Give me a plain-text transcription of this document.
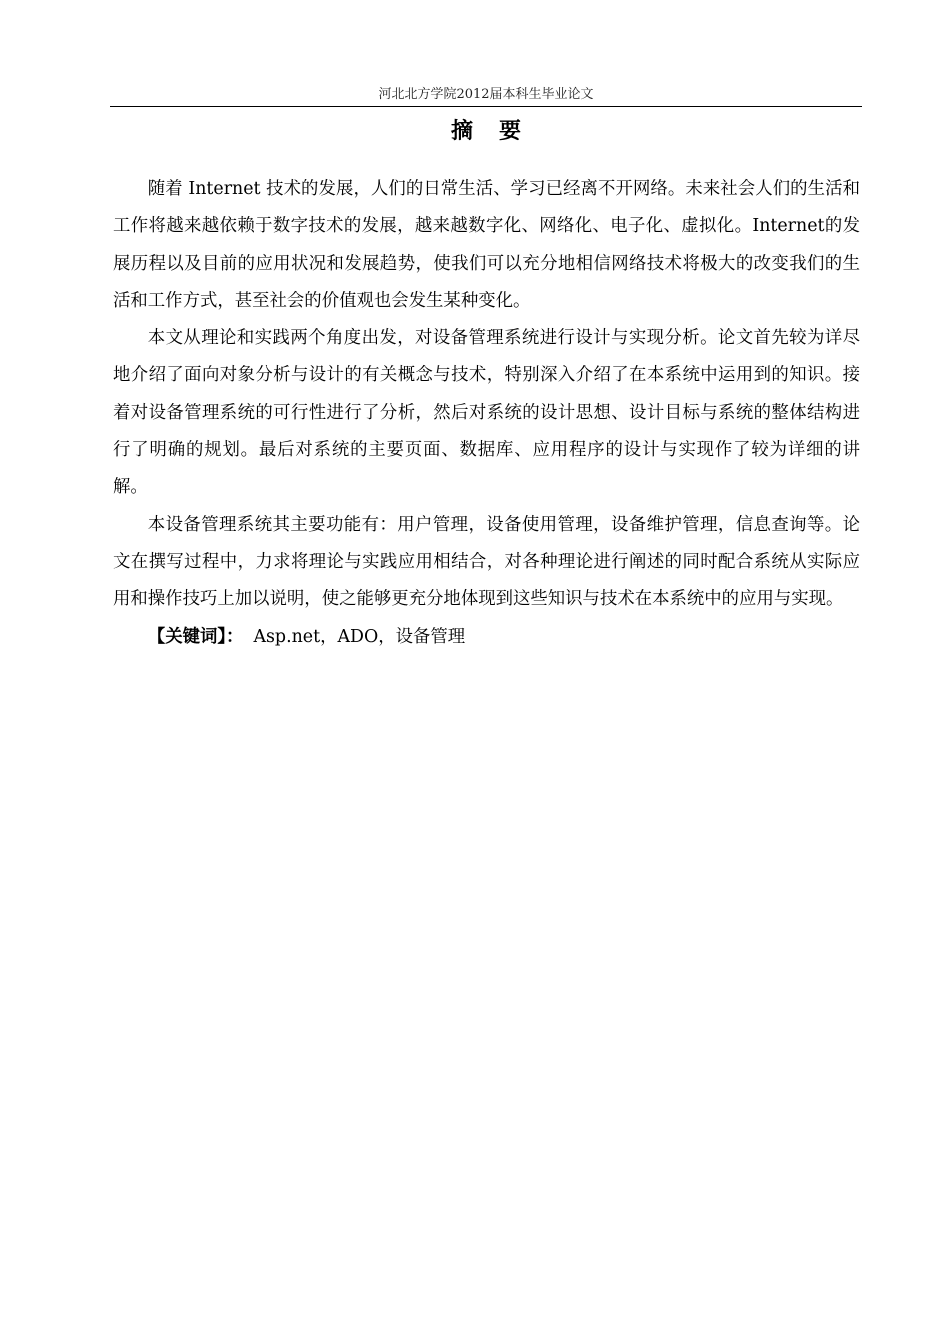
河北北方学院2012届本科生毕业论文
摘要

随着 Internet 技术的发展，人们的日常生活、学习已经离不开网络。未来社会人们的生活和工作将越来越依赖于数字技术的发展，越来越数字化、网络化、电子化、虚拟化。Internet的发展历程以及目前的应用状况和发展趋势，使我们可以充分地相信网络技术将极大的改变我们的生活和工作方式，甚至社会的价值观也会发生某种变化。

本文从理论和实践两个角度出发，对设备管理系统进行设计与实现分析。论文首先较为详尽地介绍了面向对象分析与设计的有关概念与技术，特别深入介绍了在本系统中运用到的知识。接着对设备管理系统的可行性进行了分析，然后对系统的设计思想、设计目标与系统的整体结构进行了明确的规划。最后对系统的主要页面、数据库、应用程序的设计与实现作了较为详细的讲解。

本设备管理系统其主要功能有：用户管理，设备使用管理，设备维护管理，信息查询等。论文在撰写过程中，力求将理论与实践应用相结合，对各种理论进行阐述的同时配合系统从实际应用和操作技巧上加以说明，使之能够更充分地体现到这些知识与技术在本系统中的应用与实现。

【关键词】： Asp.net，ADO，设备管理
